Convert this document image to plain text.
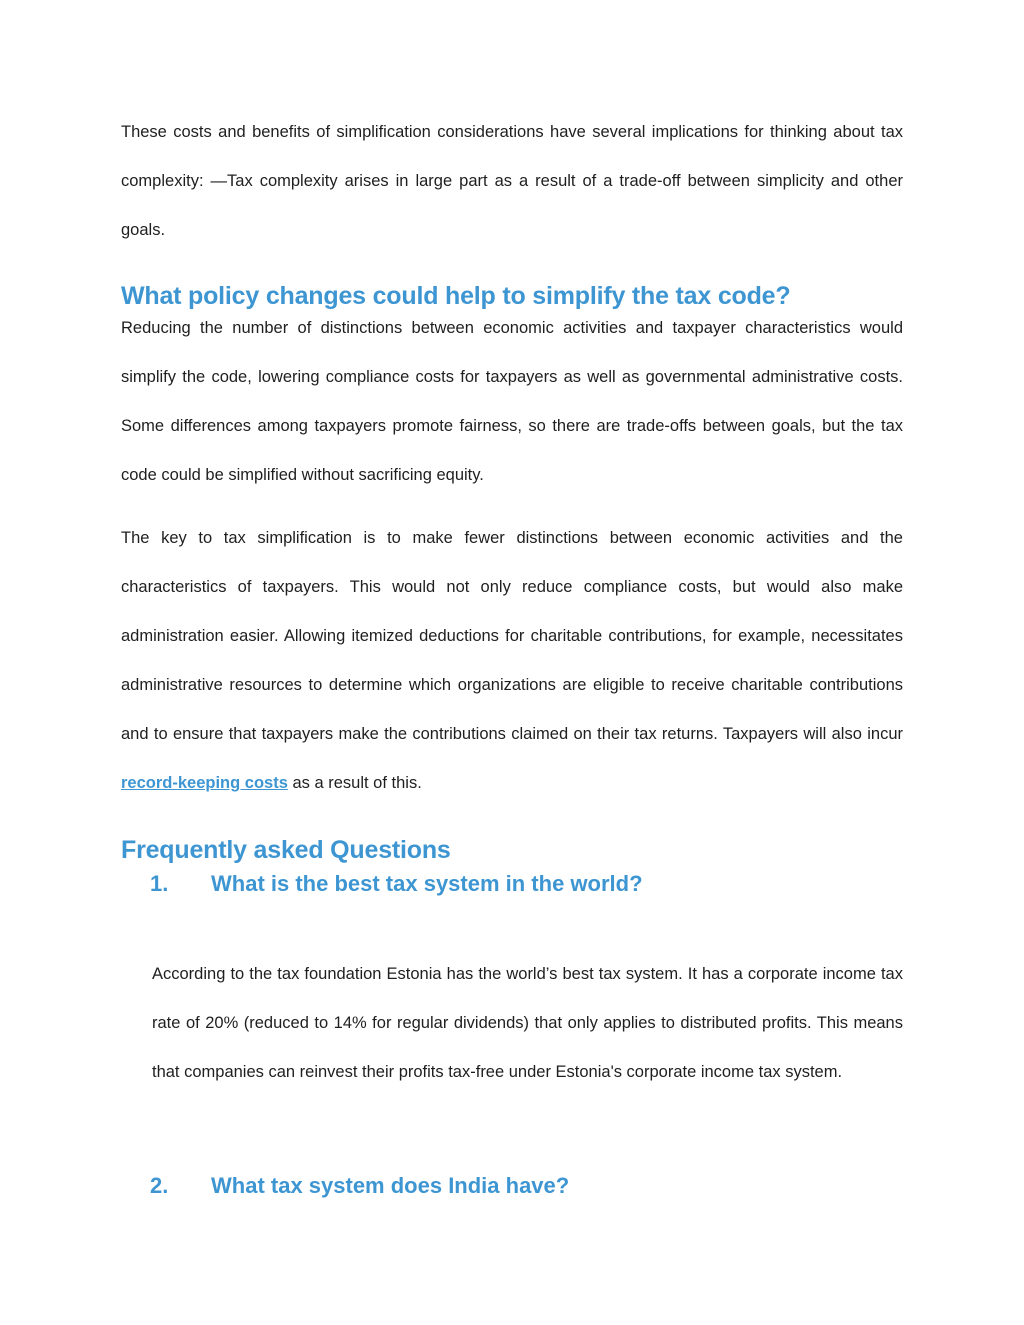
These costs and benefits of simplification considerations have several implications for thinking about tax complexity: —Tax complexity arises in large part as a result of a trade-off between simplicity and other goals.

What policy changes could help to simplify the tax code?

Reducing the number of distinctions between economic activities and taxpayer characteristics would simplify the code, lowering compliance costs for taxpayers as well as governmental administrative costs. Some differences among taxpayers promote fairness, so there are trade-offs between goals, but the tax code could be simplified without sacrificing equity.

The key to tax simplification is to make fewer distinctions between economic activities and the characteristics of taxpayers. This would not only reduce compliance costs, but would also make administration easier. Allowing itemized deductions for charitable contributions, for example, necessitates administrative resources to determine which organizations are eligible to receive charitable contributions and to ensure that taxpayers make the contributions claimed on their tax returns. Taxpayers will also incur record-keeping costs as a result of this.

Frequently asked Questions
1. What is the best tax system in the world?

According to the tax foundation Estonia has the world’s best tax system. It has a corporate income tax rate of 20% (reduced to 14% for regular dividends) that only applies to distributed profits. This means that companies can reinvest their profits tax-free under Estonia's corporate income tax system.

2. What tax system does India have?
